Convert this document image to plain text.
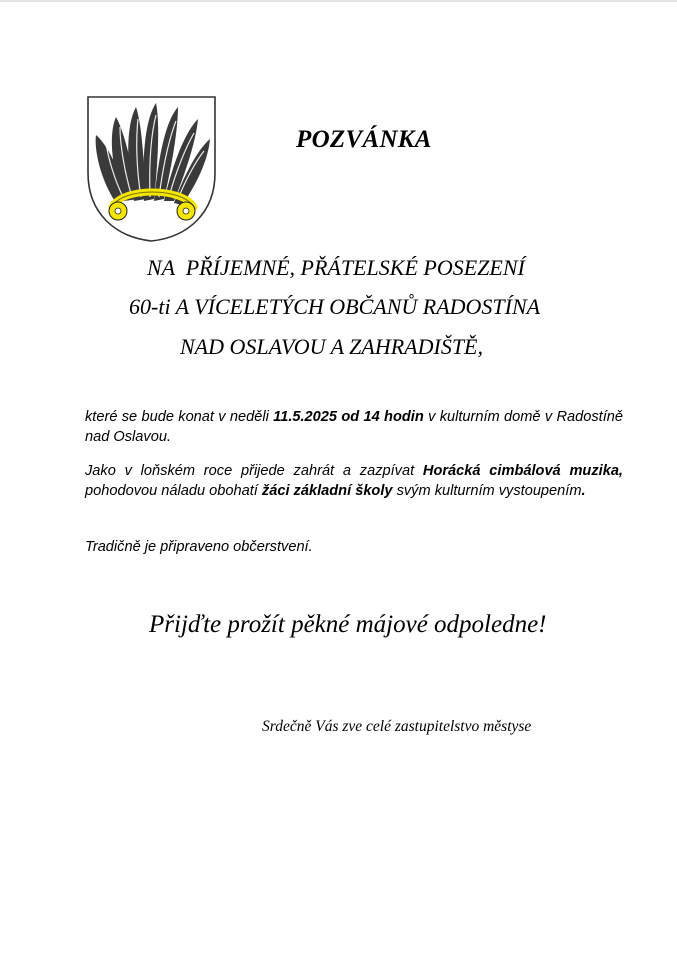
POZVÁNKA

NA  PŘÍJEMNÉ, PŘÁTELSKÉ POSEZENÍ

60-ti A VÍCELETÝCH OBČANŮ RADOSTÍNA

NAD OSLAVOU A ZAHRADIŠTĚ,

které se bude konat v neděli 11.5.2025 od 14 hodin v kulturním domě v Radostíně nad Oslavou.

Jako v loňském roce přijede zahrát a zazpívat Horácká cimbálová muzika, pohodovou náladu obohatí žáci základní školy svým kulturním vystoupením.

Tradičně je připraveno občerstvení.

Přijďte prožít pěkné májové odpoledne!

Srdečně Vás zve celé zastupitelstvo městyse
